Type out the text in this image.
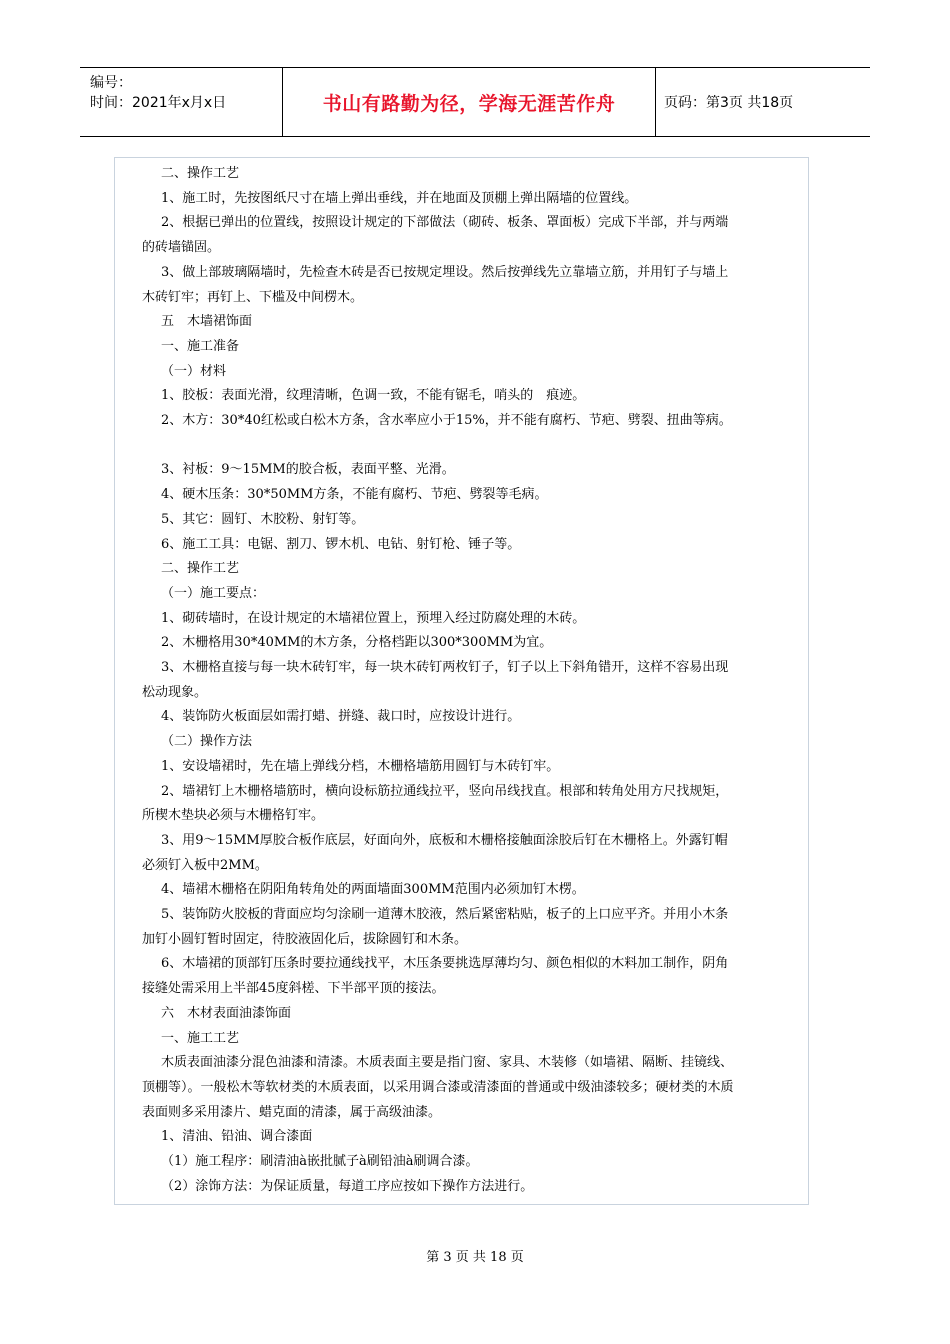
编号：
时间：2021年x月x日	书山有路勤为径，学海无涯苦作舟	页码：第3页 共18页

二、操作工艺

1、施工时，先按图纸尺寸在墙上弹出垂线，并在地面及顶棚上弹出隔墙的位置线。

2、根据已弹出的位置线，按照设计规定的下部做法（砌砖、板条、罩面板）完成下半部，并与两端

的砖墙锚固。

3、做上部玻璃隔墙时，先检查木砖是否已按规定埋设。然后按弹线先立靠墙立筋，并用钉子与墙上

木砖钉牢；再钉上、下槛及中间楞木。

五　木墙裙饰面

一、施工准备

（一）材料

1、胶板：表面光滑，纹理清晰，色调一致，不能有锯毛，哨头的　痕迹。

2、木方：30*40红松或白松木方条，含水率应小于15%，并不能有腐朽、节疤、劈裂、扭曲等病。

3、衬板：9～15MM的胶合板，表面平整、光滑。

4、硬木压条：30*50MM方条，不能有腐朽、节疤、劈裂等毛病。

5、其它：圆钉、木胶粉、射钉等。

6、施工工具：电锯、割刀、锣木机、电钻、射钉枪、锤子等。

二、操作工艺

（一）施工要点：

1、砌砖墙时，在设计规定的木墙裙位置上，预埋入经过防腐处理的木砖。

2、木栅格用30*40MM的木方条，分格档距以300*300MM为宜。

3、木栅格直接与每一块木砖钉牢，每一块木砖钉两枚钉子，钉子以上下斜角错开，这样不容易出现

松动现象。

4、装饰防火板面层如需打蜡、拼缝、裁口时，应按设计进行。

（二）操作方法

1、安设墙裙时，先在墙上弹线分档，木栅格墙筋用圆钉与木砖钉牢。

2、墙裙钉上木栅格墙筋时，横向设标筋拉通线拉平，竖向吊线找直。根部和转角处用方尺找规矩，

所楔木垫块必须与木栅格钉牢。

3、用9～15MM厚胶合板作底层，好面向外，底板和木栅格接触面涂胶后钉在木栅格上。外露钉帽

必须钉入板中2MM。

4、墙裙木栅格在阴阳角转角处的两面墙面300MM范围内必须加钉木楞。

5、装饰防火胶板的背面应均匀涂刷一道薄木胶液，然后紧密粘贴，板子的上口应平齐。并用小木条

加钉小圆钉暂时固定，待胶液固化后，拔除圆钉和木条。

6、木墙裙的顶部钉压条时要拉通线找平，木压条要挑选厚薄均匀、颜色相似的木料加工制作，阴角

接缝处需采用上半部45度斜槎、下半部平顶的接法。

六　木材表面油漆饰面

一、施工工艺

木质表面油漆分混色油漆和清漆。木质表面主要是指门窗、家具、木装修（如墙裙、隔断、挂镜线、

顶棚等）。一般松木等软材类的木质表面，以采用调合漆或清漆面的普通或中级油漆较多；硬材类的木质

表面则多采用漆片、蜡克面的清漆，属于高级油漆。

1、清油、铅油、调合漆面

（1）施工程序：刷清油à嵌批腻子à刷铅油à刷调合漆。

（2）涂饰方法：为保证质量，每道工序应按如下操作方法进行。

第 3 页 共 18 页
